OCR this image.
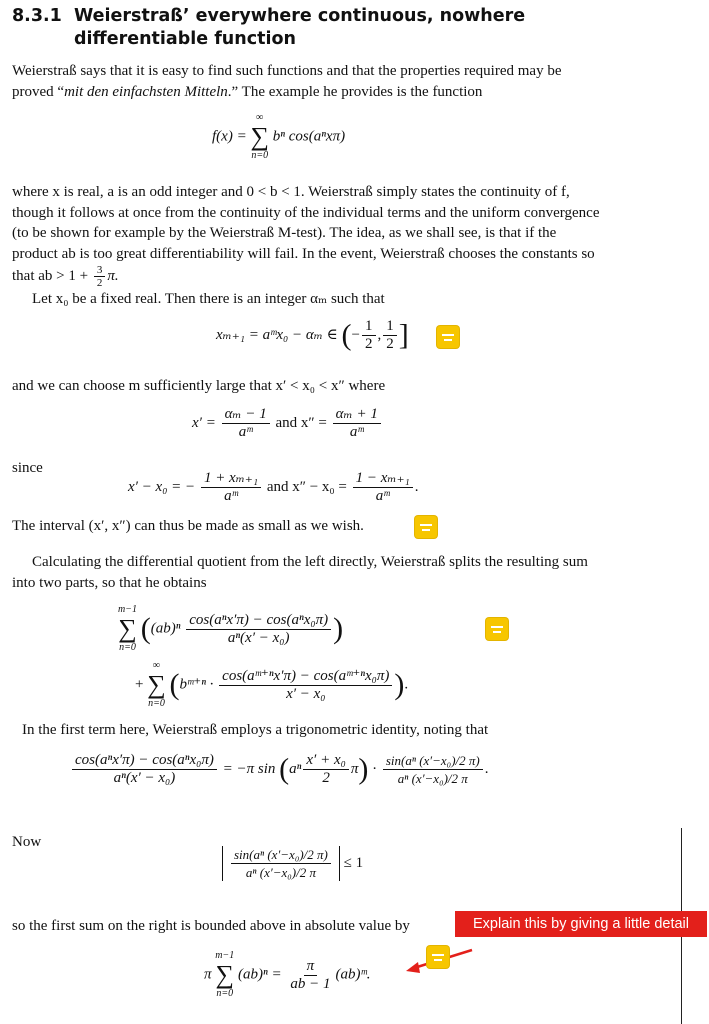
8.3.1 Weierstraß’ everywhere continuous, nowhere differentiable function

Weierstraß says that it is easy to find such functions and that the properties required may be proved “mit den einfachsten Mitteln.” The example he provides is the function

f(x) =
∞
∑
n=0
bⁿ cos(aⁿxπ)

where x is real, a is an odd integer and 0 < b < 1. Weierstraß simply states the continuity of f, though it follows at once from the continuity of the individual terms and the uniform convergence (to be shown for example by the Weierstraß M-test). The idea, as we shall see, is that if the product ab is too great differentiability will fail. In the event, Weierstraß chooses the constants so that ab > $1 + \frac{3}{2} \pi$.

Let x₀ be a fixed real. Then there is an integer αₘ such that

xₘ₊₁ = aᵐx₀ − αₘ ∈ (− $\frac{1}{2}$ , $\frac{1}{2}$ ]

and we can choose m sufficiently large that x′ < x₀ < x″ where

$x' = \frac{\text{αₘ − 1}}{\text{aᵐ}}$ and $x'' = \frac{\text{αₘ + 1}}{\text{aᵐ}}$

since

x′ − x₀ = − $\frac{\text{1 + xₘ₊₁}}{\text{aᵐ}}$ and $x'' - x_0 = \frac{\text{1 − xₘ₊₁}}{\text{aᵐ}}$ .

The interval (x′, x″) can thus be made as small as we wish.

Calculating the differential quotient from the left directly, Weierstraß splits the resulting sum into two parts, so that he obtains

m−1
∑
n=0
($(ab)^n \frac{\text{cos(aⁿx′π) − cos(aⁿx₀π)}}{\text{aⁿ(x′ − x₀)}}$ )
+
∞
∑
n=0
(bᵐ⁺ⁿ · $\frac{\text{cos(aᵐ⁺ⁿx′π) − cos(aᵐ⁺ⁿx₀π)}}{\text{x′ − x₀}}$ ).

In the first term here, Weierstraß employs a trigonometric identity, noting that

$\frac{\text{cos(aⁿx′π) − cos(aⁿx₀π)}}{\text{aⁿ(x′ − x₀)}} = -\pi$ $\sin (a^n \frac{\text{x′ + x₀}}{2} \pi) \cdot \frac{\text{sin(aⁿ (x′−x₀)/2 π)}}{\text{aⁿ (x′−x₀)/2 π}}$ .

Now

$\frac{\text{sin(aⁿ (x′−x₀)/2 π)}}{\text{aⁿ (x′−x₀)/2 π}} \le 1$

so the first sum on the right is bounded above in absolute value by	Explain this by giving a little detail
π
m−1
∑
n=0
$(ab)^n = \frac{\pi}{ab - 1}$ (ab)ᵐ.
